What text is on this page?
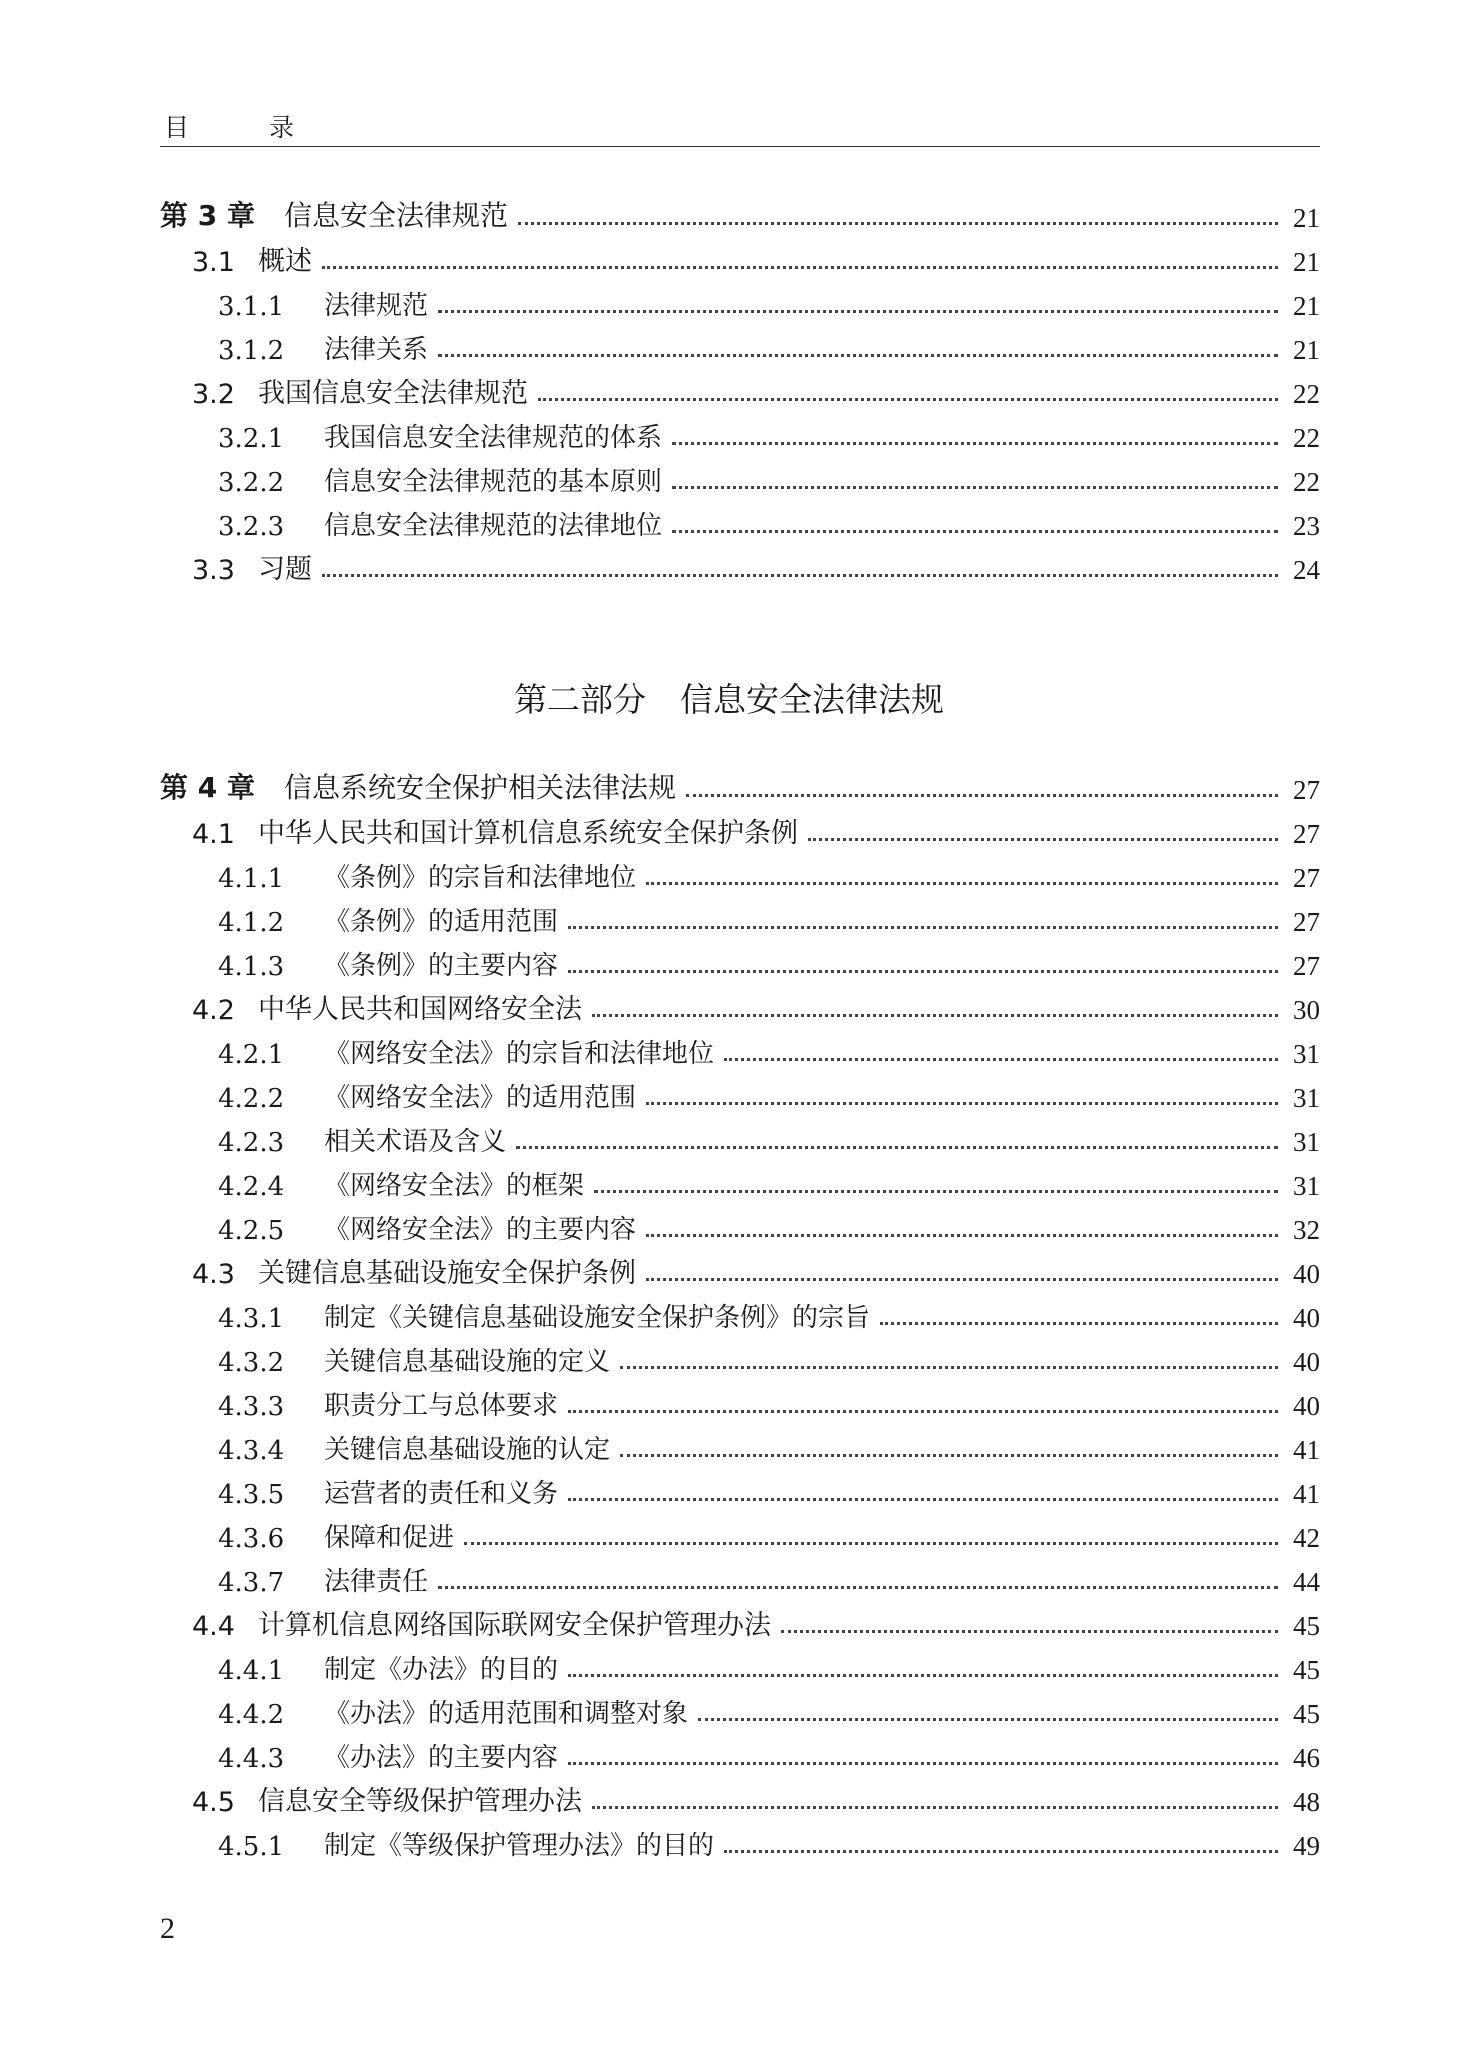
目 录
第 3 章	信息安全法律规范	21
3.1 概述	21
3.1.1	法律规范	21
3.1.2	法律关系	21
3.2 我国信息安全法律规范	22
3.2.1	我国信息安全法律规范的体系	22
3.2.2	信息安全法律规范的基本原则	22
3.2.3	信息安全法律规范的法律地位	23
3.3 习题	24
第二部分 信息安全法律法规
第 4 章	信息系统安全保护相关法律法规	27
4.1 中华人民共和国计算机信息系统安全保护条例	27
4.1.1	《条例》的宗旨和法律地位	27
4.1.2	《条例》的适用范围	27
4.1.3	《条例》的主要内容	27
4.2 中华人民共和国网络安全法	30
4.2.1	《网络安全法》的宗旨和法律地位	31
4.2.2	《网络安全法》的适用范围	31
4.2.3	相关术语及含义	31
4.2.4	《网络安全法》的框架	31
4.2.5	《网络安全法》的主要内容	32
4.3 关键信息基础设施安全保护条例	40
4.3.1	制定《关键信息基础设施安全保护条例》的宗旨	40
4.3.2	关键信息基础设施的定义	40
4.3.3	职责分工与总体要求	40
4.3.4	关键信息基础设施的认定	41
4.3.5	运营者的责任和义务	41
4.3.6	保障和促进	42
4.3.7	法律责任	44
4.4 计算机信息网络国际联网安全保护管理办法	45
4.4.1	制定《办法》的目的	45
4.4.2	《办法》的适用范围和调整对象	45
4.4.3	《办法》的主要内容	46
4.5 信息安全等级保护管理办法	48
4.5.1	制定《等级保护管理办法》的目的	49
2
